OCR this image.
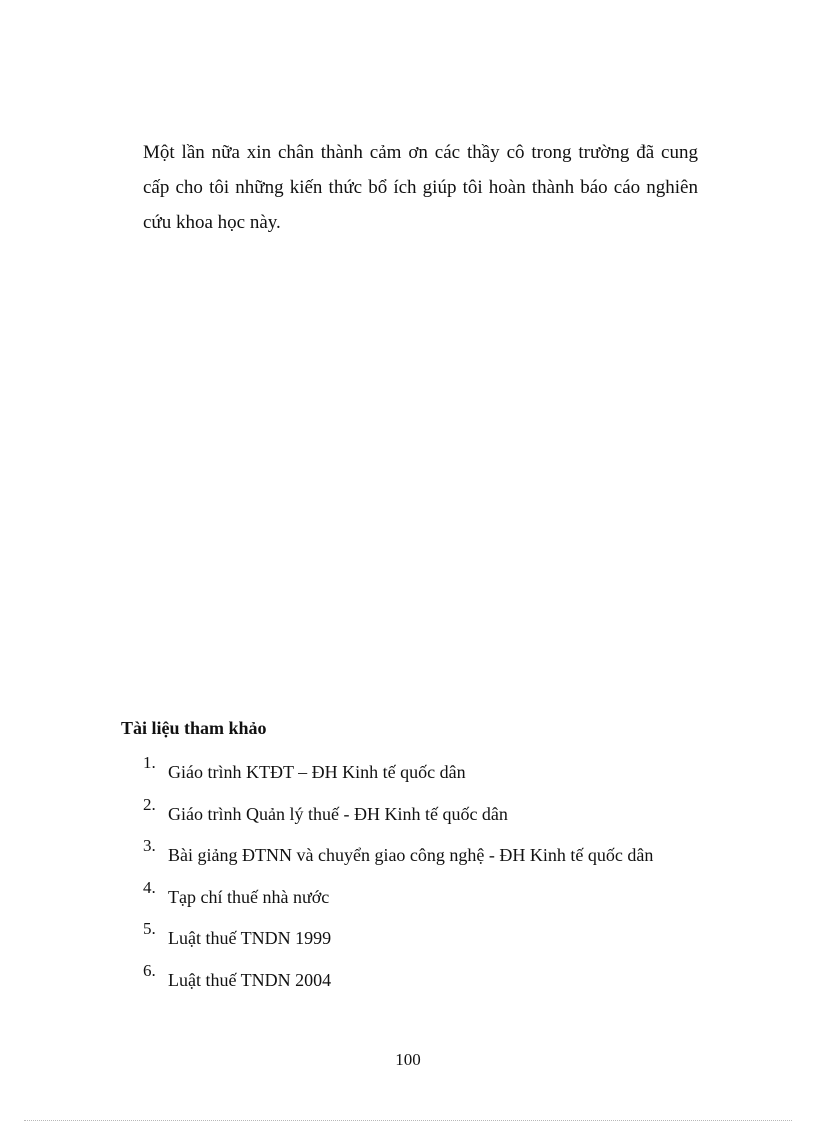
Một lần nữa xin chân thành cảm ơn các thầy cô trong trường đã cung cấp cho tôi những kiến thức bổ ích giúp tôi hoàn thành báo cáo nghiên cứu khoa học này.

Tài liệu tham khảo
1. Giáo trình KTĐT – ĐH Kinh tế quốc dân
2. Giáo trình Quản lý thuế - ĐH Kinh tế quốc dân
3. Bài giảng ĐTNN và chuyển giao công nghệ - ĐH Kinh tế quốc dân
4. Tạp chí thuế nhà nước
5. Luật thuế TNDN 1999
6. Luật thuế TNDN 2004

100
